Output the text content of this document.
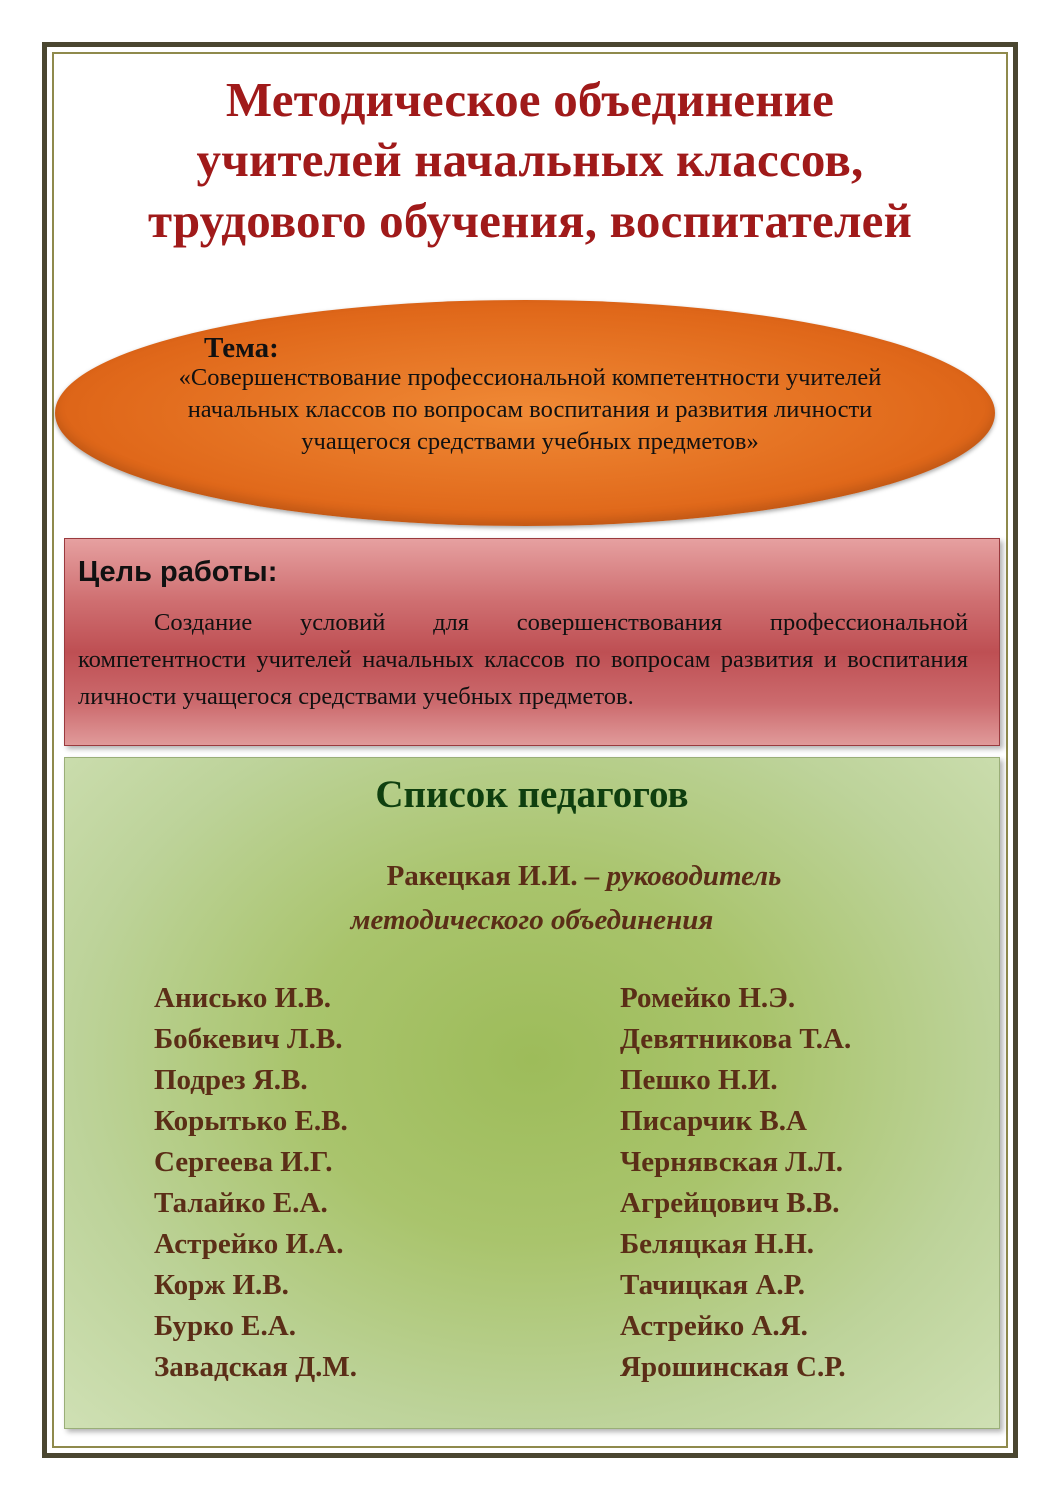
Методическое объединение
учителей начальных классов,
трудового обучения, воспитателей

Тема:

«Совершенствование профессиональной компетентности учителей
начальных классов по вопросам воспитания и развития личности
учащегося средствами учебных предметов»

Цель работы:

Создание условий для совершенствования профессиональной компетентности учителей начальных классов по вопросам развития и воспитания личности учащегося средствами учебных предметов.

Список педагогов

Ракецкая И.И. – руководитель
методического объединения

Анисько И.В.
Бобкевич Л.В.
Подрез Я.В.
Корытько Е.В.
Сергеева И.Г.
Талайко Е.А.
Астрейко И.А.
Корж И.В.
Бурко Е.А.
Завадская Д.М.
Ромейко Н.Э.
Девятникова Т.А.
Пешко Н.И.
Писарчик В.А
Чернявская Л.Л.
Агрейцович В.В.
Беляцкая Н.Н.
Тачицкая А.Р.
Астрейко А.Я.
Ярошинская С.Р.
